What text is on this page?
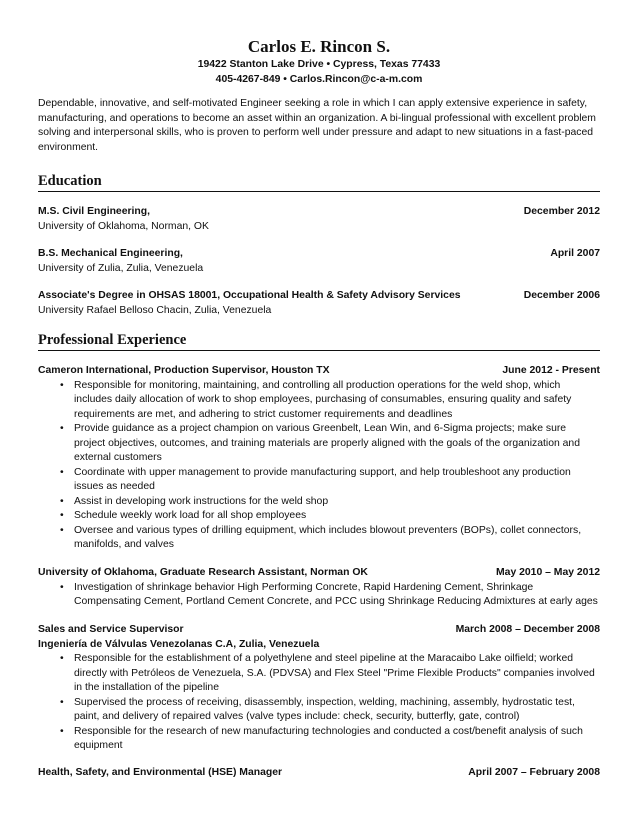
Carlos E. Rincon S.
19422 Stanton Lake Drive • Cypress, Texas 77433
405-4267-849 • Carlos.Rincon@c-a-m.com
Dependable, innovative, and self-motivated Engineer seeking a role in which I can apply extensive experience in safety, manufacturing, and operations to become an asset within an organization. A bi-lingual professional with excellent problem solving and interpersonal skills, who is proven to perform well under pressure and adapt to new situations in a fast-paced environment.
Education
M.S. Civil Engineering,	December 2012
University of Oklahoma, Norman, OK
B.S. Mechanical Engineering,	April 2007
University of Zulia, Zulia, Venezuela
Associate's Degree in OHSAS 18001, Occupational Health & Safety Advisory Services	December 2006
University Rafael Belloso Chacin, Zulia, Venezuela
Professional Experience
Cameron International, Production Supervisor, Houston TX	June 2012 - Present
• Responsible for monitoring, maintaining, and controlling all production operations for the weld shop, which includes daily allocation of work to shop employees, purchasing of consumables, ensuring quality and safety requirements are met, and adhering to strict customer requirements and deadlines
• Provide guidance as a project champion on various Greenbelt, Lean Win, and 6-Sigma projects; make sure project objectives, outcomes, and training materials are properly aligned with the goals of the organization and external customers
• Coordinate with upper management to provide manufacturing support, and help troubleshoot any production issues as needed
• Assist in developing work instructions for the weld shop
• Schedule weekly work load for all shop employees
• Oversee and various types of drilling equipment, which includes blowout preventers (BOPs), collet connectors, manifolds, and valves
University of Oklahoma, Graduate Research Assistant, Norman OK	May 2010 – May 2012
• Investigation of shrinkage behavior High Performing Concrete, Rapid Hardening Cement, Shrinkage Compensating Cement, Portland Cement Concrete, and PCC using Shrinkage Reducing Admixtures at early ages
Sales and Service Supervisor	March 2008 – December 2008
Ingeniería de Válvulas Venezolanas C.A, Zulia, Venezuela
• Responsible for the establishment of a polyethylene and steel pipeline at the Maracaibo Lake oilfield; worked directly with Petróleos de Venezuela, S.A. (PDVSA) and Flex Steel "Prime Flexible Products" companies involved in the installation of the pipeline
• Supervised the process of receiving, disassembly, inspection, welding, machining, assembly, hydrostatic test, paint, and delivery of repaired valves (valve types include: check, security, butterfly, gate, control)
• Responsible for the research of new manufacturing technologies and conducted a cost/benefit analysis of such equipment
Health, Safety, and Environmental (HSE) Manager	April 2007 – February 2008
